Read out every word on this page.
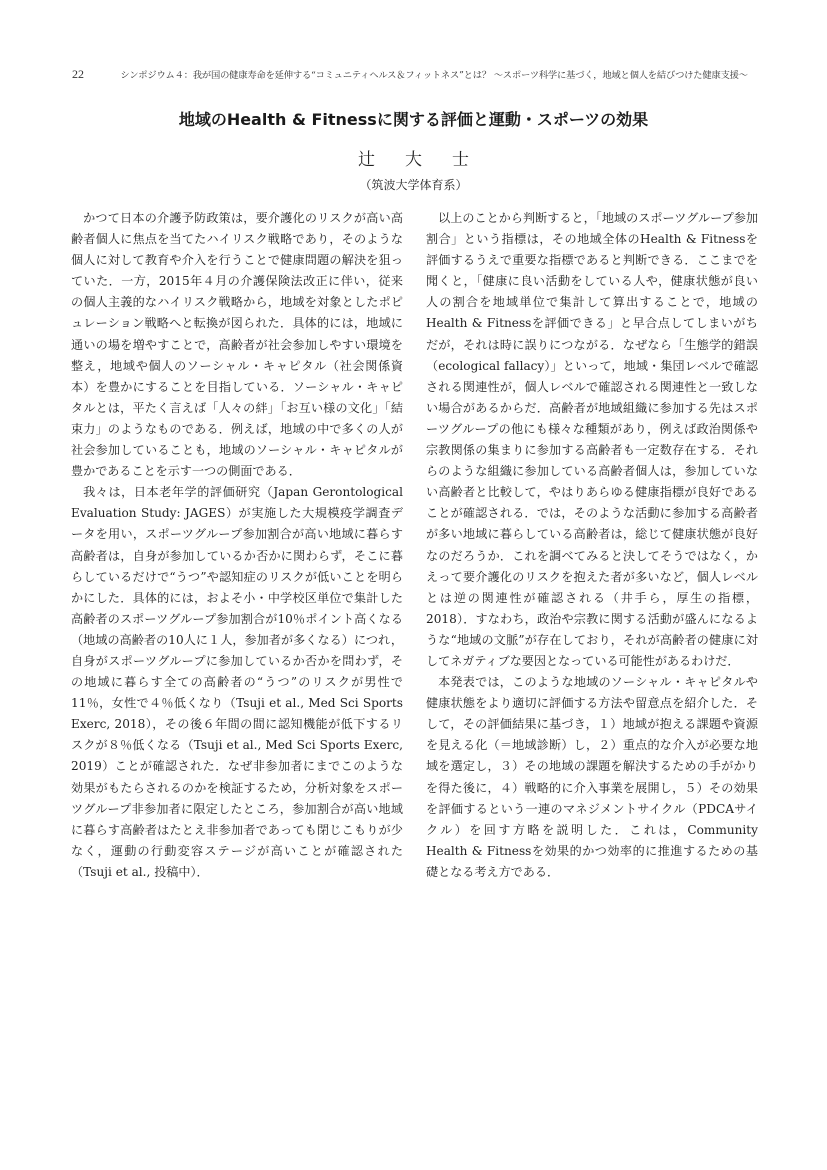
22	シンポジウム４：我が国の健康寿命を延伸する“コミュニティヘルス＆フィットネス”とは？ 〜スポーツ科学に基づく，地域と個人を結びつけた健康支援〜
地域のHealth & Fitnessに関する評価と運動・スポーツの効果
辻大士
（筑波大学体育系）

かつて日本の介護予防政策は，要介護化のリスクが高い高齢者個人に焦点を当てたハイリスク戦略であり，そのような個人に対して教育や介入を行うことで健康問題の解決を狙っていた．一方，2015年４月の介護保険法改正に伴い，従来の個人主義的なハイリスク戦略から，地域を対象としたポピュレーション戦略へと転換が図られた．具体的には，地域に通いの場を増やすことで，高齢者が社会参加しやすい環境を整え，地域や個人のソーシャル・キャピタル（社会関係資本）を豊かにすることを目指している．ソーシャル・キャピタルとは，平たく言えば「人々の絆」「お互い様の文化」「結束力」のようなものである．例えば，地域の中で多くの人が社会参加していることも，地域のソーシャル・キャピタルが豊かであることを示す一つの側面である．

我々は，日本老年学的評価研究（Japan Gerontological Evaluation Study: JAGES）が実施した大規模疫学調査データを用い，スポーツグループ参加割合が高い地域に暮らす高齢者は，自身が参加しているか否かに関わらず，そこに暮らしているだけで“うつ”や認知症のリスクが低いことを明らかにした．具体的には，およそ小・中学校区単位で集計した高齢者のスポーツグループ参加割合が10％ポイント高くなる（地域の高齢者の10人に１人，参加者が多くなる）につれ，自身がスポーツグループに参加しているか否かを問わず，その地域に暮らす全ての高齢者の“うつ”のリスクが男性で11％，女性で４％低くなり（Tsuji et al., Med Sci Sports Exerc, 2018），その後６年間の間に認知機能が低下するリスクが８％低くなる（Tsuji et al., Med Sci Sports Exerc, 2019）ことが確認された．なぜ非参加者にまでこのような効果がもたらされるのかを検証するため，分析対象をスポーツグループ非参加者に限定したところ，参加割合が高い地域に暮らす高齢者はたとえ非参加者であっても閉じこもりが少なく，運動の行動変容ステージが高いことが確認された（Tsuji et al., 投稿中）．

以上のことから判断すると，「地域のスポーツグループ参加割合」という指標は，その地域全体のHealth & Fitnessを評価するうえで重要な指標であると判断できる．ここまでを聞くと，「健康に良い活動をしている人や，健康状態が良い人の割合を地域単位で集計して算出することで，地域のHealth & Fitnessを評価できる」と早合点してしまいがちだが，それは時に誤りにつながる．なぜなら「生態学的錯誤（ecological fallacy）」といって，地域・集団レベルで確認される関連性が，個人レベルで確認される関連性と一致しない場合があるからだ．高齢者が地域組織に参加する先はスポーツグループの他にも様々な種類があり，例えば政治関係や宗教関係の集まりに参加する高齢者も一定数存在する．それらのような組織に参加している高齢者個人は，参加していない高齢者と比較して，やはりあらゆる健康指標が良好であることが確認される．では，そのような活動に参加する高齢者が多い地域に暮らしている高齢者は，総じて健康状態が良好なのだろうか．これを調べてみると決してそうではなく，かえって要介護化のリスクを抱えた者が多いなど，個人レベルとは逆の関連性が確認される（井手ら，厚生の指標，2018）．すなわち，政治や宗教に関する活動が盛んになるような“地域の文脈”が存在しており，それが高齢者の健康に対してネガティブな要因となっている可能性があるわけだ．

本発表では，このような地域のソーシャル・キャピタルや健康状態をより適切に評価する方法や留意点を紹介した．そして，その評価結果に基づき，１）地域が抱える課題や資源を見える化（＝地域診断）し，２）重点的な介入が必要な地域を選定し，３）その地域の課題を解決するための手がかりを得た後に，４）戦略的に介入事業を展開し，５）その効果を評価するという一連のマネジメントサイクル（PDCAサイクル）を回す方略を説明した．これは，Community Health & Fitnessを効果的かつ効率的に推進するための基礎となる考え方である．
